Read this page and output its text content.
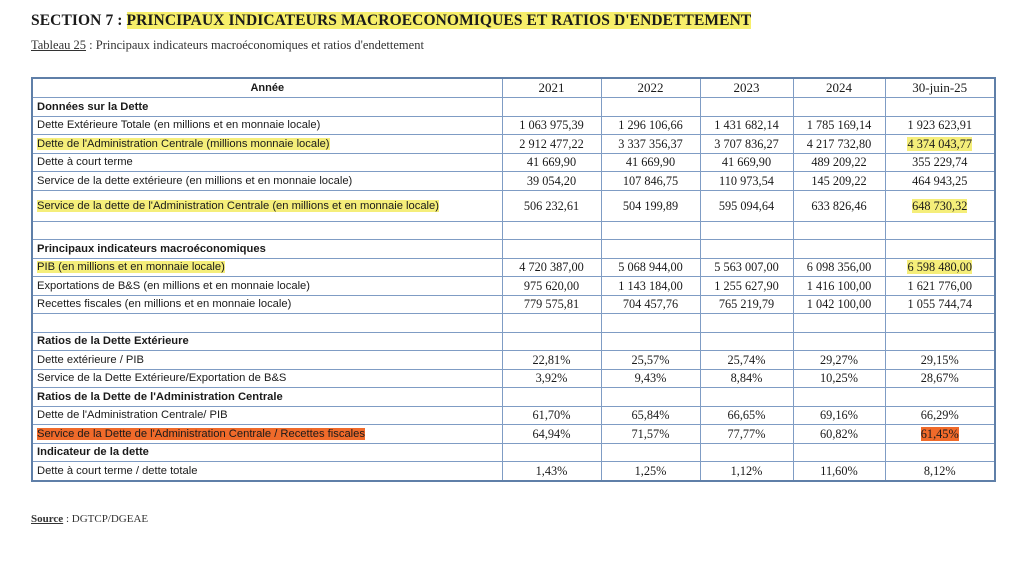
SECTION 7 : PRINCIPAUX INDICATEURS MACROECONOMIQUES ET RATIOS D'ENDETTEMENT
Tableau 25 : Principaux indicateurs macroéconomiques et ratios d'endettement
Année	2021	2022	2023	2024	30-juin-25
Données sur la Dette					
Dette Extérieure Totale (en millions et en monnaie locale)	1 063 975,39	1 296 106,66	1 431 682,14	1 785 169,14	1 923 623,91
Dette de l'Administration Centrale (millions monnaie locale)	2 912 477,22	3 337 356,37	3 707 836,27	4 217 732,80	4 374 043,77
Dette à court terme	41 669,90	41 669,90	41 669,90	489 209,22	355 229,74
Service de la dette extérieure (en millions et en monnaie locale)	39 054,20	107 846,75	110 973,54	145 209,22	464 943,25
Service de la dette de l'Administration Centrale (en millions et en monnaie locale)	506 232,61	504 199,89	595 094,64	633 826,46	648 730,32

Principaux indicateurs macroéconomiques					
PIB (en millions et en monnaie locale)	4 720 387,00	5 068 944,00	5 563 007,00	6 098 356,00	6 598 480,00
Exportations de B&S (en millions et en monnaie locale)	975 620,00	1 143 184,00	1 255 627,90	1 416 100,00	1 621 776,00
Recettes fiscales (en millions et en monnaie locale)	779 575,81	704 457,76	765 219,79	1 042 100,00	1 055 744,74

Ratios de la Dette Extérieure					
Dette extérieure / PIB	22,81%	25,57%	25,74%	29,27%	29,15%
Service de la Dette Extérieure/Exportation de B&S	3,92%	9,43%	8,84%	10,25%	28,67%
Ratios de la Dette de l'Administration Centrale					
Dette de l'Administration Centrale/ PIB	61,70%	65,84%	66,65%	69,16%	66,29%
Service de la Dette de l'Administration Centrale / Recettes fiscales	64,94%	71,57%	77,77%	60,82%	61,45%
Indicateur de la dette					
Dette à court terme / dette totale	1,43%	1,25%	1,12%	11,60%	8,12%
Source : DGTCP/DGEAE
